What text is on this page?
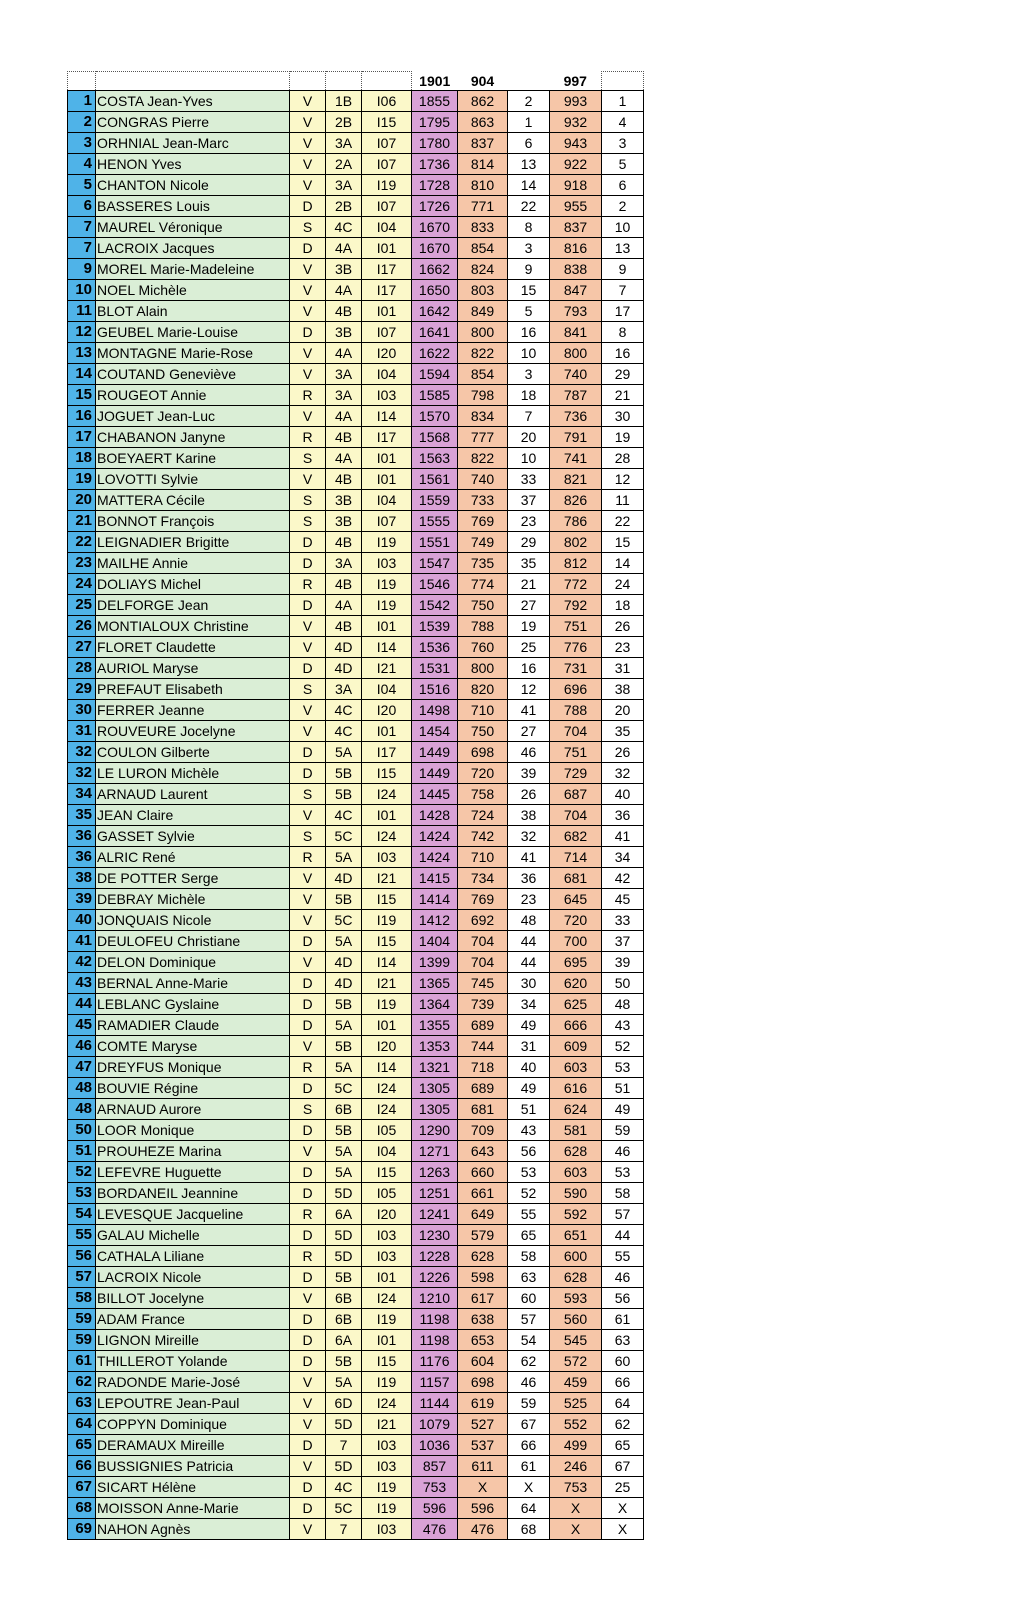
					1901	904		997	
1	COSTA Jean-Yves	V	1B	I06	1855	862	2	993	1
2	CONGRAS Pierre	V	2B	I15	1795	863	1	932	4
3	ORHNIAL Jean-Marc	V	3A	I07	1780	837	6	943	3
4	HENON Yves	V	2A	I07	1736	814	13	922	5
5	CHANTON Nicole	V	3A	I19	1728	810	14	918	6
6	BASSERES Louis	D	2B	I07	1726	771	22	955	2
7	MAUREL Véronique	S	4C	I04	1670	833	8	837	10
7	LACROIX Jacques	D	4A	I01	1670	854	3	816	13
9	MOREL Marie-Madeleine	V	3B	I17	1662	824	9	838	9
10	NOEL Michèle	V	4A	I17	1650	803	15	847	7
11	BLOT Alain	V	4B	I01	1642	849	5	793	17
12	GEUBEL Marie-Louise	D	3B	I07	1641	800	16	841	8
13	MONTAGNE Marie-Rose	V	4A	I20	1622	822	10	800	16
14	COUTAND Geneviève	V	3A	I04	1594	854	3	740	29
15	ROUGEOT Annie	R	3A	I03	1585	798	18	787	21
16	JOGUET Jean-Luc	V	4A	I14	1570	834	7	736	30
17	CHABANON Janyne	R	4B	I17	1568	777	20	791	19
18	BOEYAERT Karine	S	4A	I01	1563	822	10	741	28
19	LOVOTTI Sylvie	V	4B	I01	1561	740	33	821	12
20	MATTERA Cécile	S	3B	I04	1559	733	37	826	11
21	BONNOT François	S	3B	I07	1555	769	23	786	22
22	LEIGNADIER Brigitte	D	4B	I19	1551	749	29	802	15
23	MAILHE Annie	D	3A	I03	1547	735	35	812	14
24	DOLIAYS Michel	R	4B	I19	1546	774	21	772	24
25	DELFORGE Jean	D	4A	I19	1542	750	27	792	18
26	MONTIALOUX Christine	V	4B	I01	1539	788	19	751	26
27	FLORET Claudette	V	4D	I14	1536	760	25	776	23
28	AURIOL Maryse	D	4D	I21	1531	800	16	731	31
29	PREFAUT Elisabeth	S	3A	I04	1516	820	12	696	38
30	FERRER Jeanne	V	4C	I20	1498	710	41	788	20
31	ROUVEURE Jocelyne	V	4C	I01	1454	750	27	704	35
32	COULON Gilberte	D	5A	I17	1449	698	46	751	26
32	LE LURON Michèle	D	5B	I15	1449	720	39	729	32
34	ARNAUD Laurent	S	5B	I24	1445	758	26	687	40
35	JEAN Claire	V	4C	I01	1428	724	38	704	36
36	GASSET Sylvie	S	5C	I24	1424	742	32	682	41
36	ALRIC René	R	5A	I03	1424	710	41	714	34
38	DE POTTER Serge	V	4D	I21	1415	734	36	681	42
39	DEBRAY Michèle	V	5B	I15	1414	769	23	645	45
40	JONQUAIS Nicole	V	5C	I19	1412	692	48	720	33
41	DEULOFEU Christiane	D	5A	I15	1404	704	44	700	37
42	DELON Dominique	V	4D	I14	1399	704	44	695	39
43	BERNAL Anne-Marie	D	4D	I21	1365	745	30	620	50
44	LEBLANC Gyslaine	D	5B	I19	1364	739	34	625	48
45	RAMADIER Claude	D	5A	I01	1355	689	49	666	43
46	COMTE Maryse	V	5B	I20	1353	744	31	609	52
47	DREYFUS Monique	R	5A	I14	1321	718	40	603	53
48	BOUVIE Régine	D	5C	I24	1305	689	49	616	51
48	ARNAUD Aurore	S	6B	I24	1305	681	51	624	49
50	LOOR Monique	D	5B	I05	1290	709	43	581	59
51	PROUHEZE Marina	V	5A	I04	1271	643	56	628	46
52	LEFEVRE Huguette	D	5A	I15	1263	660	53	603	53
53	BORDANEIL Jeannine	D	5D	I05	1251	661	52	590	58
54	LEVESQUE Jacqueline	R	6A	I20	1241	649	55	592	57
55	GALAU Michelle	D	5D	I03	1230	579	65	651	44
56	CATHALA Liliane	R	5D	I03	1228	628	58	600	55
57	LACROIX Nicole	D	5B	I01	1226	598	63	628	46
58	BILLOT Jocelyne	V	6B	I24	1210	617	60	593	56
59	ADAM France	D	6B	I19	1198	638	57	560	61
59	LIGNON Mireille	D	6A	I01	1198	653	54	545	63
61	THILLEROT Yolande	D	5B	I15	1176	604	62	572	60
62	RADONDE Marie-José	V	5A	I19	1157	698	46	459	66
63	LEPOUTRE Jean-Paul	V	6D	I24	1144	619	59	525	64
64	COPPYN Dominique	V	5D	I21	1079	527	67	552	62
65	DERAMAUX Mireille	D	7	I03	1036	537	66	499	65
66	BUSSIGNIES Patricia	V	5D	I03	857	611	61	246	67
67	SICART Hélène	D	4C	I19	753	X	X	753	25
68	MOISSON Anne-Marie	D	5C	I19	596	596	64	X	X
69	NAHON Agnès	V	7	I03	476	476	68	X	X
